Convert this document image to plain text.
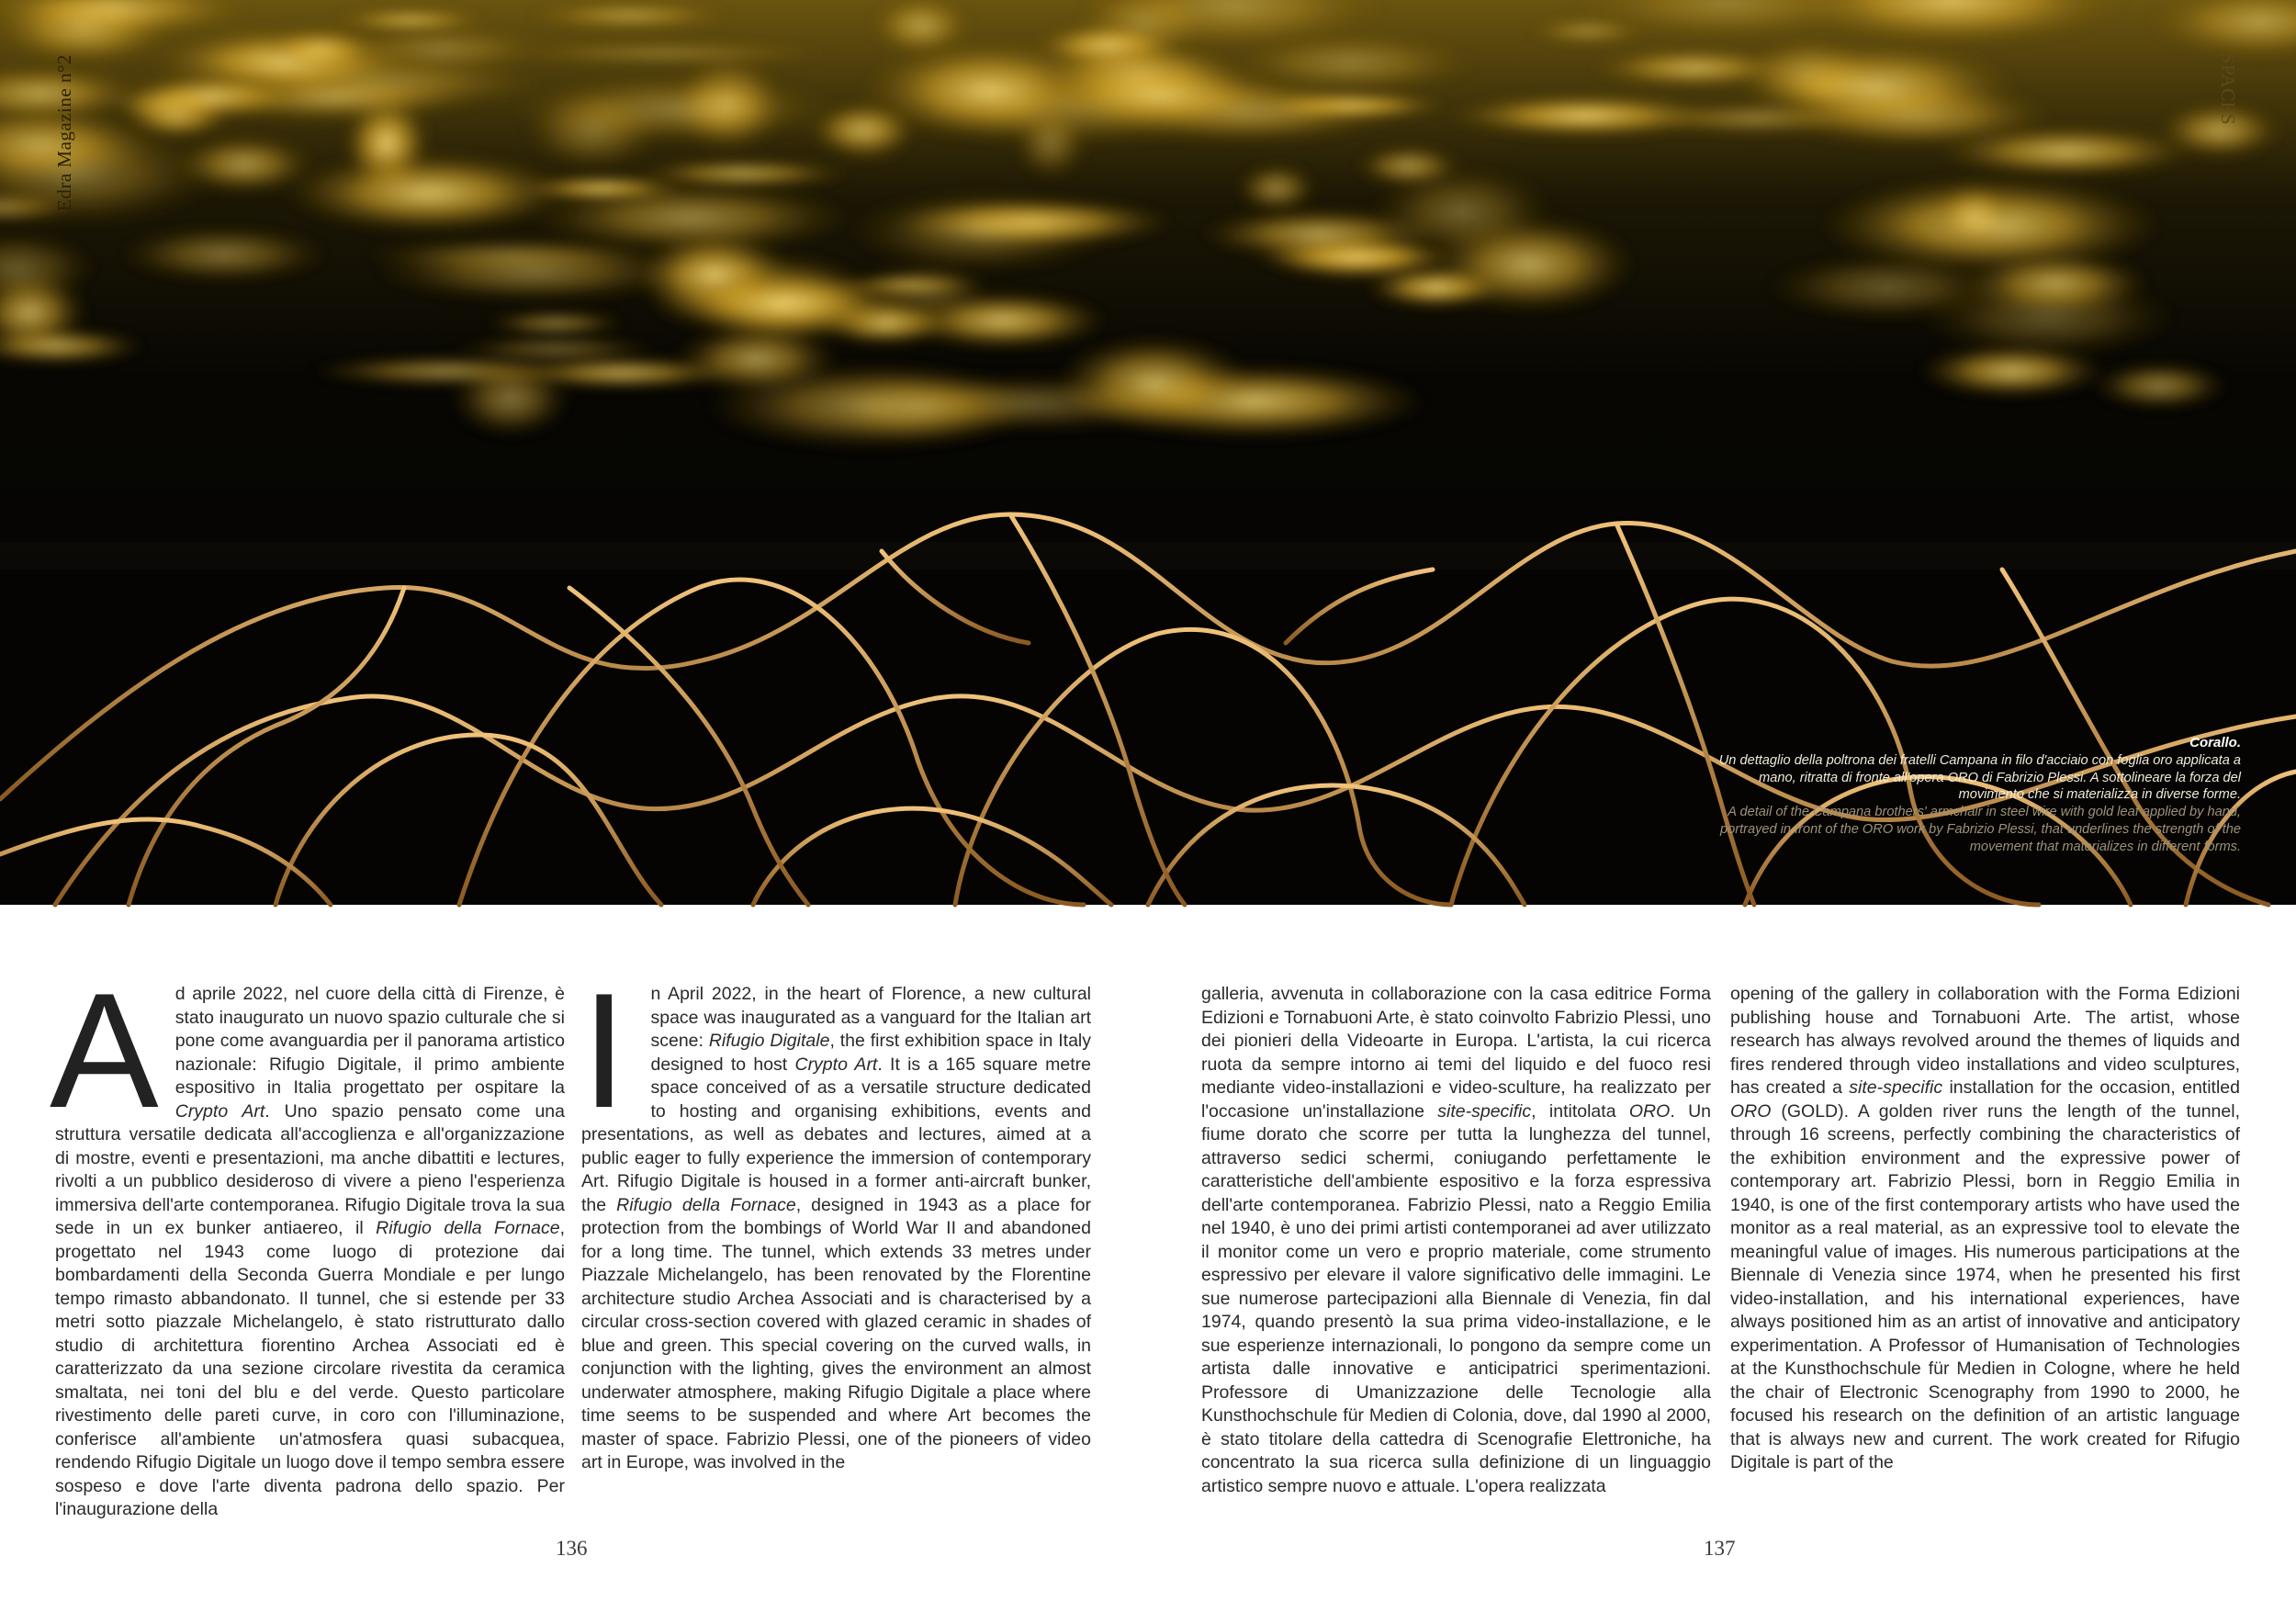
Edra Magazine n°2	SPACES
Corallo.
Un dettaglio della poltrona dei fratelli Campana in filo d'acciaio con foglia oro applicata a mano, ritratta di fronte all'opera ORO di Fabrizio Plessi. A sottolineare la forza del movimento che si materializza in diverse forme.
A detail of the Campana brothers' armchair in steel wire with gold leaf applied by hand, portrayed in front of the ORO work by Fabrizio Plessi, that underlines the strength of the movement that materializes in different forms.
A d aprile 2022, nel cuore della città di Firenze, è stato inaugurato un nuovo spazio culturale che si pone come avanguardia per il panorama artistico nazionale: Rifugio Digitale, il primo ambiente espositivo in Italia progettato per ospitare la Crypto Art. Uno spazio pensato come una struttura versatile dedicata all'accoglienza e all'organizzazione di mostre, eventi e presentazioni, ma anche dibattiti e lectures, rivolti a un pubblico desideroso di vivere a pieno l'esperienza immersiva dell'arte contemporanea. Rifugio Digitale trova la sua sede in un ex bunker antiaereo, il Rifugio della Fornace, progettato nel 1943 come luogo di protezione dai bombardamenti della Seconda Guerra Mondiale e per lungo tempo rimasto abbandonato. Il tunnel, che si estende per 33 metri sotto piazzale Michelangelo, è stato ristrutturato dallo studio di architettura fiorentino Archea Associati ed è caratterizzato da una sezione circolare rivestita da ceramica smaltata, nei toni del blu e del verde. Questo particolare rivestimento delle pareti curve, in coro con l'illuminazione, conferisce all'ambiente un'atmosfera quasi subacquea, rendendo Rifugio Digitale un luogo dove il tempo sembra essere sospeso e dove l'arte diventa padrona dello spazio. Per l'inaugurazione della

I	n April 2022, in the heart of Florence, a new cultural space was inaugurated as a vanguard for the Italian art scene: Rifugio Digitale, the first exhibition space in Italy designed to host Crypto Art. It is a 165 square metre space conceived of as a versatile structure dedicated to hosting and organising exhibitions, events and presentations, as well as debates and lectures, aimed at a public eager to fully experience the immersion of contemporary Art. Rifugio Digitale is housed in a former anti-aircraft bunker, the Rifugio della Fornace, designed in 1943 as a place for protection from the bombings of World War II and abandoned for a long time. The tunnel, which extends 33 metres under Piazzale Michelangelo, has been renovated by the Florentine architecture studio Archea Associati and is characterised by a circular cross-section covered with glazed ceramic in shades of blue and green. This special covering on the curved walls, in conjunction with the lighting, gives the environment an almost underwater atmosphere, making Rifugio Digitale a place where time seems to be suspended and where Art becomes the master of space. Fabrizio Plessi, one of the pioneers of video art in Europe, was involved in the

galleria, avvenuta in collaborazione con la casa editrice Forma Edizioni e Tornabuoni Arte, è stato coinvolto Fabrizio Plessi, uno dei pionieri della Videoarte in Europa. L'artista, la cui ricerca ruota da sempre intorno ai temi del liquido e del fuoco resi mediante video-installazioni e video-sculture, ha realizzato per l'occasione un'installazione site-specific, intitolata ORO. Un fiume dorato che scorre per tutta la lunghezza del tunnel, attraverso sedici schermi, coniugando perfettamente le caratteristiche dell'ambiente espositivo e la forza espressiva dell'arte contemporanea. Fabrizio Plessi, nato a Reggio Emilia nel 1940, è uno dei primi artisti contemporanei ad aver utilizzato il monitor come un vero e proprio materiale, come strumento espressivo per elevare il valore significativo delle immagini. Le sue numerose partecipazioni alla Biennale di Venezia, fin dal 1974, quando presentò la sua prima video-installazione, e le sue esperienze internazionali, lo pongono da sempre come un artista dalle innovative e anticipatrici sperimentazioni. Professore di Umanizzazione delle Tecnologie alla Kunsthochschule für Medien di Colonia, dove, dal 1990 al 2000, è stato titolare della cattedra di Scenografie Elettroniche, ha concentrato la sua ricerca sulla definizione di un linguaggio artistico sempre nuovo e attuale. L'opera realizzata

opening of the gallery in collaboration with the Forma Edizioni publishing house and Tornabuoni Arte. The artist, whose research has always revolved around the themes of liquids and fires rendered through video installations and video sculptures, has created a site-specific installation for the occasion, entitled ORO (GOLD). A golden river runs the length of the tunnel, through 16 screens, perfectly combining the characteristics of the exhibition environment and the expressive power of contemporary art. Fabrizio Plessi, born in Reggio Emilia in 1940, is one of the first contemporary artists who have used the monitor as a real material, as an expressive tool to elevate the meaningful value of images. His numerous participations at the Biennale di Venezia since 1974, when he presented his first video-installation, and his international experiences, have always positioned him as an artist of innovative and anticipatory experimentation. A Professor of Humanisation of Technologies at the Kunsthochschule für Medien in Cologne, where he held the chair of Electronic Scenography from 1990 to 2000, he focused his research on the definition of an artistic language that is always new and current. The work created for Rifugio Digitale is part of the

136	137
